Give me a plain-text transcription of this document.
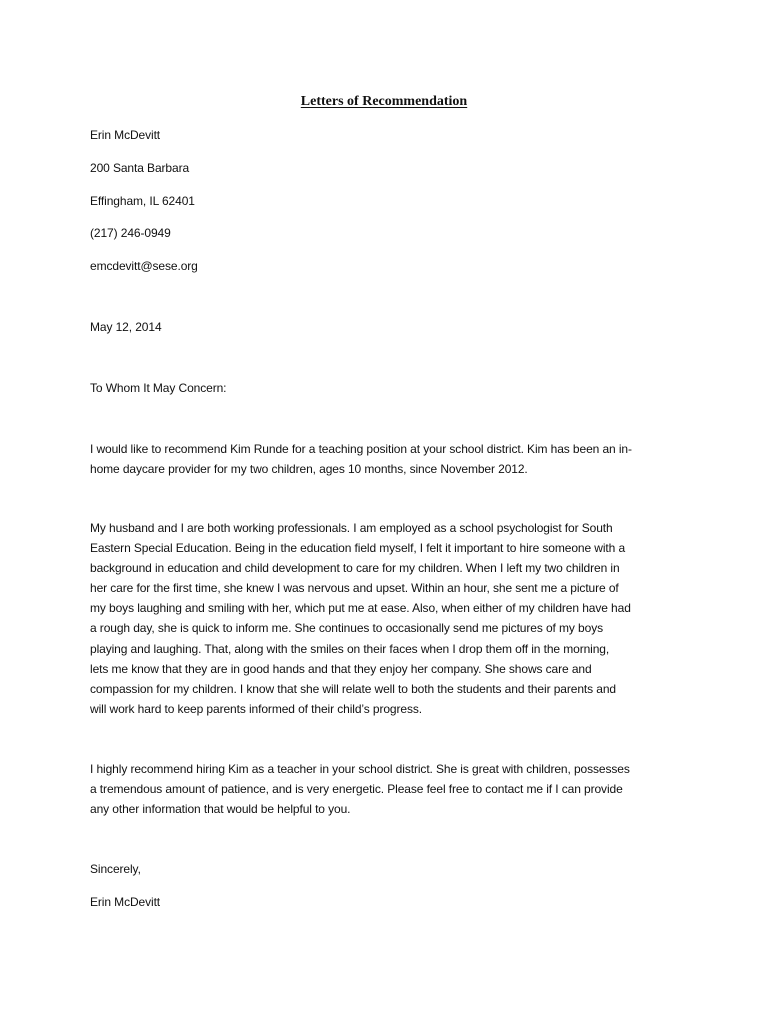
Letters of Recommendation
Erin McDevitt
200 Santa Barbara
Effingham, IL 62401
(217) 246-0949
emcdevitt@sese.org
May 12, 2014
To Whom It May Concern:
I would like to recommend Kim Runde for a teaching position at your school district. Kim has been an in-
home daycare provider for my two children, ages 10 months, since November 2012.
My husband and I are both working professionals. I am employed as a school psychologist for South
Eastern Special Education. Being in the education field myself, I felt it important to hire someone with a
background in education and child development to care for my children. When I left my two children in
her care for the first time, she knew I was nervous and upset. Within an hour, she sent me a picture of
my boys laughing and smiling with her, which put me at ease. Also, when either of my children have had
a rough day, she is quick to inform me. She continues to occasionally send me pictures of my boys
playing and laughing. That, along with the smiles on their faces when I drop them off in the morning,
lets me know that they are in good hands and that they enjoy her company. She shows care and
compassion for my children. I know that she will relate well to both the students and their parents and
will work hard to keep parents informed of their child’s progress.
I highly recommend hiring Kim as a teacher in your school district. She is great with children, possesses
a tremendous amount of patience, and is very energetic. Please feel free to contact me if I can provide
any other information that would be helpful to you.
Sincerely,
Erin McDevitt
